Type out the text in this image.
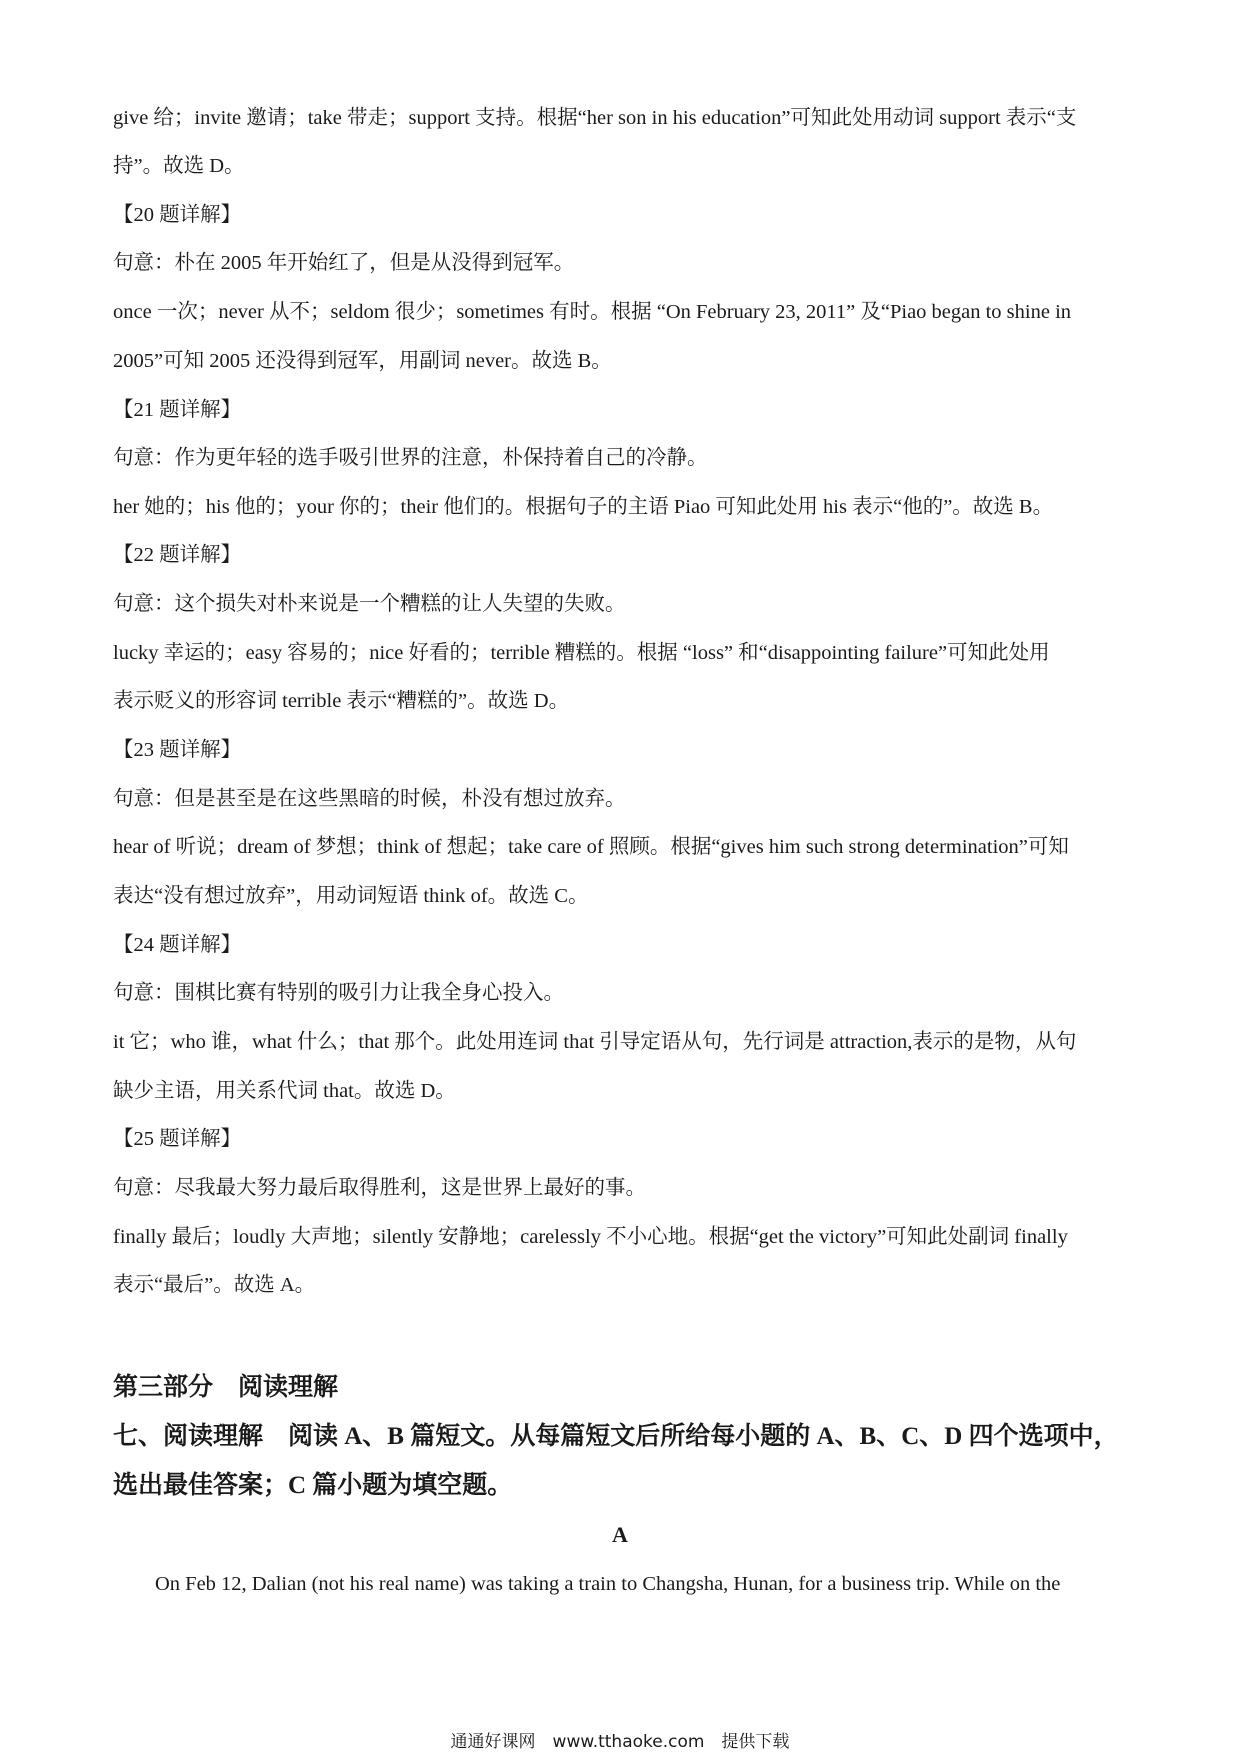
give 给；invite 邀请；take 带走；support 支持。根据“her son in his education”可知此处用动词 support 表示“支
持”。故选 D。
【20 题详解】
句意：朴在 2005 年开始红了，但是从没得到冠军。
once 一次；never 从不；seldom 很少；sometimes 有时。根据 “On February 23, 2011” 及“Piao began to shine in
2005”可知 2005 还没得到冠军，用副词 never。故选 B。
【21 题详解】
句意：作为更年轻的选手吸引世界的注意，朴保持着自己的冷静。
her 她的；his 他的；your 你的；their 他们的。根据句子的主语 Piao 可知此处用 his 表示“他的”。故选 B。
【22 题详解】
句意：这个损失对朴来说是一个糟糕的让人失望的失败。
lucky 幸运的；easy 容易的；nice 好看的；terrible 糟糕的。根据 “loss” 和“disappointing failure”可知此处用
表示贬义的形容词 terrible 表示“糟糕的”。故选 D。
【23 题详解】
句意：但是甚至是在这些黑暗的时候，朴没有想过放弃。
hear of 听说；dream of 梦想；think of 想起；take care of 照顾。根据“gives him such strong determination”可知
表达“没有想过放弃”，用动词短语 think of。故选 C。
【24 题详解】
句意：围棋比赛有特别的吸引力让我全身心投入。
it 它；who 谁，what 什么；that 那个。此处用连词 that 引导定语从句，先行词是 attraction,表示的是物，从句
缺少主语，用关系代词 that。故选 D。
【25 题详解】
句意：尽我最大努力最后取得胜利，这是世界上最好的事。
finally 最后；loudly 大声地；silently 安静地；carelessly 不小心地。根据“get the victory”可知此处副词 finally
表示“最后”。故选 A。
第三部分　阅读理解
七、阅读理解　阅读 A、B 篇短文。从每篇短文后所给每小题的 A、B、C、D 四个选项中，
选出最佳答案；C 篇小题为填空题。
A
On Feb 12, Dalian (not his real name) was taking a train to Changsha, Hunan, for a business trip. While on the
通通好课网　www.tthaoke.com　提供下载
